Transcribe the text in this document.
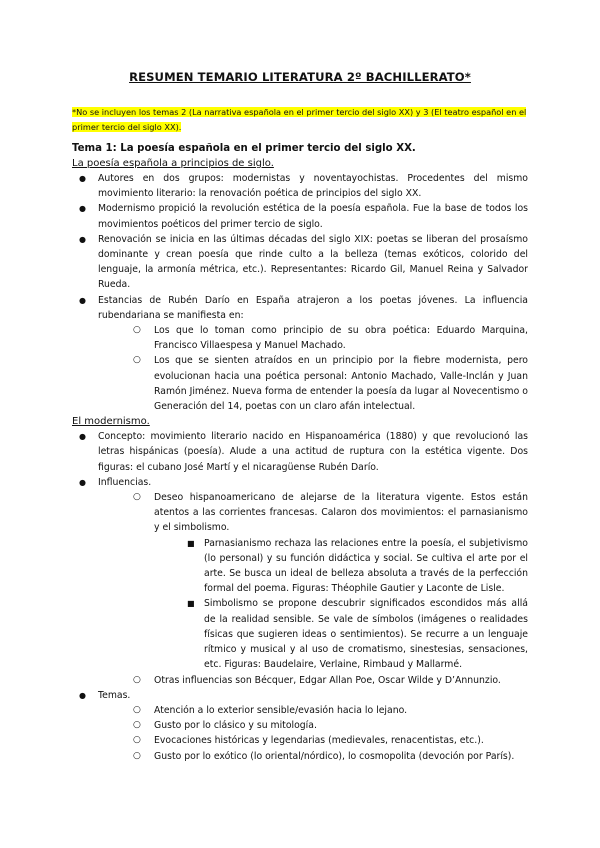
RESUMEN TEMARIO LITERATURA 2º BACHILLERATO*

*No se incluyen los temas 2 (La narrativa española en el primer tercio del siglo XX) y 3 (El teatro español en el primer tercio del siglo XX).

Tema 1: La poesía española en el primer tercio del siglo XX.

La poesía española a principios de siglo.

● Autores en dos grupos: modernistas y noventayochistas. Procedentes del mismo movimiento literario: la renovación poética de principios del siglo XX.
● Modernismo propició la revolución estética de la poesía española. Fue la base de todos los movimientos poéticos del primer tercio de siglo.
● Renovación se inicia en las últimas décadas del siglo XIX: poetas se liberan del prosaísmo dominante y crean poesía que rinde culto a la belleza (temas exóticos, colorido del lenguaje, la armonía métrica, etc.). Representantes: Ricardo Gil, Manuel Reina y Salvador Rueda.
● Estancias de Rubén Darío en España atrajeron a los poetas jóvenes. La influencia rubendariana se manifiesta en:
○ Los que lo toman como principio de su obra poética: Eduardo Marquina, Francisco Villaespesa y Manuel Machado.
○ Los que se sienten atraídos en un principio por la fiebre modernista, pero evolucionan hacia una poética personal: Antonio Machado, Valle-Inclán y Juan Ramón Jiménez. Nueva forma de entender la poesía da lugar al Novecentismo o Generación del 14, poetas con un claro afán intelectual.

El modernismo.

● Concepto: movimiento literario nacido en Hispanoamérica (1880) y que revolucionó las letras hispánicas (poesía). Alude a una actitud de ruptura con la estética vigente. Dos figuras: el cubano José Martí y el nicaragüense Rubén Darío.
● Influencias.
○ Deseo hispanoamericano de alejarse de la literatura vigente. Estos están atentos a las corrientes francesas. Calaron dos movimientos: el parnasianismo y el simbolismo.
■ Parnasianismo rechaza las relaciones entre la poesía, el subjetivismo (lo personal) y su función didáctica y social. Se cultiva el arte por el arte. Se busca un ideal de belleza absoluta a través de la perfección formal del poema. Figuras: Théophile Gautier y Laconte de Lisle.
■ Simbolismo se propone descubrir significados escondidos más allá de la realidad sensible. Se vale de símbolos (imágenes o realidades físicas que sugieren ideas o sentimientos). Se recurre a un lenguaje rítmico y musical y al uso de cromatismo, sinestesias, sensaciones, etc. Figuras: Baudelaire, Verlaine, Rimbaud y Mallarmé.
○ Otras influencias son Bécquer, Edgar Allan Poe, Oscar Wilde y D’Annunzio.
● Temas.
○ Atención a lo exterior sensible/evasión hacia lo lejano.
○ Gusto por lo clásico y su mitología.
○ Evocaciones históricas y legendarias (medievales, renacentistas, etc.).
○ Gusto por lo exótico (lo oriental/nórdico), lo cosmopolita (devoción por París).
